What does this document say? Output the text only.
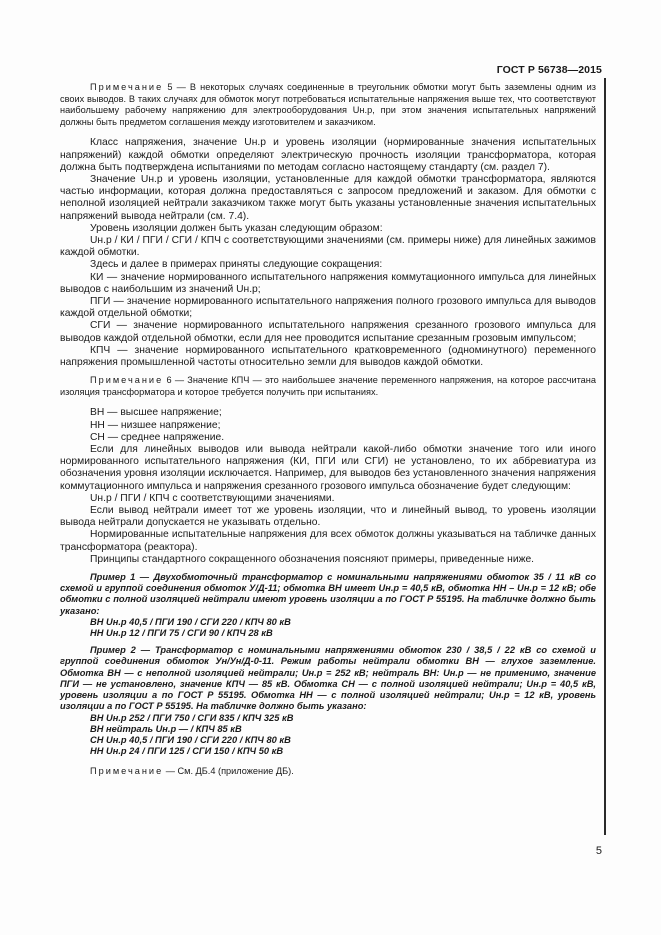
ГОСТ Р 56738—2015

Примечание 5 — В некоторых случаях соединенные в треугольник обмотки могут быть заземлены одним из своих выводов. В таких случаях для обмоток могут потребоваться испытательные напряжения выше тех, что соответствуют наибольшему рабочему напряжению для электрооборудования Uн.р, при этом значения испытательных напряжений должны быть предметом соглашения между изготовителем и заказчиком.

Класс напряжения, значение Uн.р и уровень изоляции (нормированные значения испытательных напряжений) каждой обмотки определяют электрическую прочность изоляции трансформатора, которая должна быть подтверждена испытаниями по методам согласно настоящему стандарту (см. раздел 7).

Значение Uн.р и уровень изоляции, установленные для каждой обмотки трансформатора, являются частью информации, которая должна предоставляться с запросом предложений и заказом. Для обмотки с неполной изоляцией нейтрали заказчиком также могут быть указаны установленные значения испытательных напряжений вывода нейтрали (см. 7.4).

Уровень изоляции должен быть указан следующим образом:

Uн.р / КИ / ПГИ / СГИ / КПЧ с соответствующими значениями (см. примеры ниже) для линейных зажимов каждой обмотки.

Здесь и далее в примерах приняты следующие сокращения:

КИ — значение нормированного испытательного напряжения коммутационного импульса для линейных выводов с наибольшим из значений Uн.р;

ПГИ — значение нормированного испытательного напряжения полного грозового импульса для выводов каждой отдельной обмотки;

СГИ — значение нормированного испытательного напряжения срезанного грозового импульса для выводов каждой отдельной обмотки, если для нее проводится испытание срезанным грозовым импульсом;

КПЧ — значение нормированного испытательного кратковременного (одноминутного) переменного напряжения промышленной частоты относительно земли для выводов каждой обмотки.

Примечание 6 — Значение КПЧ — это наибольшее значение переменного напряжения, на которое рассчитана изоляция трансформатора и которое требуется получить при испытаниях.

ВН — высшее напряжение;

НН — низшее напряжение;

СН — среднее напряжение.

Если для линейных выводов или вывода нейтрали какой-либо обмотки значение того или иного нормированного испытательного напряжения (КИ, ПГИ или СГИ) не установлено, то их аббревиатура из обозначения уровня изоляции исключается. Например, для выводов без установленного значения напряжения коммутационного импульса и напряжения срезанного грозового импульса обозначение будет следующим:

Uн.р / ПГИ / КПЧ с соответствующими значениями.

Если вывод нейтрали имеет тот же уровень изоляции, что и линейный вывод, то уровень изоляции вывода нейтрали допускается не указывать отдельно.

Нормированные испытательные напряжения для всех обмоток должны указываться на табличке данных трансформатора (реактора).

Принципы стандартного сокращенного обозначения поясняют примеры, приведенные ниже.

Пример 1 — Двухобмоточный трансформатор с номинальными напряжениями обмоток 35 / 11 кВ со схемой и группой соединения обмоток У/Д-11; обмотка ВН имеет Uн.р = 40,5 кВ, обмотка НН – Uн.р = 12 кВ; обе обмотки с полной изоляцией нейтрали имеют уровень изоляции а по ГОСТ Р 55195. На табличке должно быть указано:

ВН Uн.р 40,5 / ПГИ 190 / СГИ 220 / КПЧ 80 кВ

НН Uн.р 12 / ПГИ 75 / СГИ 90 / КПЧ 28 кВ

Пример 2 — Трансформатор с номинальными напряжениями обмоток 230 / 38,5 / 22 кВ со схемой и группой соединения обмоток Ун/Ун/Д-0-11. Режим работы нейтрали обмотки ВН — глухое заземление. Обмотка ВН — с неполной изоляцией нейтрали; Uн.р = 252 кВ; нейтраль ВН: Uн.р — не применимо, значение ПГИ — не установлено, значение КПЧ — 85 кВ. Обмотка СН — с полной изоляцией нейтрали; Uн.р = 40,5 кВ, уровень изоляции а по ГОСТ Р 55195. Обмотка НН — с полной изоляцией нейтрали; Uн.р = 12 кВ, уровень изоляции а по ГОСТ Р 55195. На табличке должно быть указано:

ВН Uн.р 252 / ПГИ 750 / СГИ 835 / КПЧ 325 кВ

ВН нейтраль Uн.р — / КПЧ 85 кВ

СН Uн.р 40,5 / ПГИ 190 / СГИ 220 / КПЧ 80 кВ

НН Uн.р 24 / ПГИ 125 / СГИ 150 / КПЧ 50 кВ

Примечание — См. ДБ.4 (приложение ДБ).

5
